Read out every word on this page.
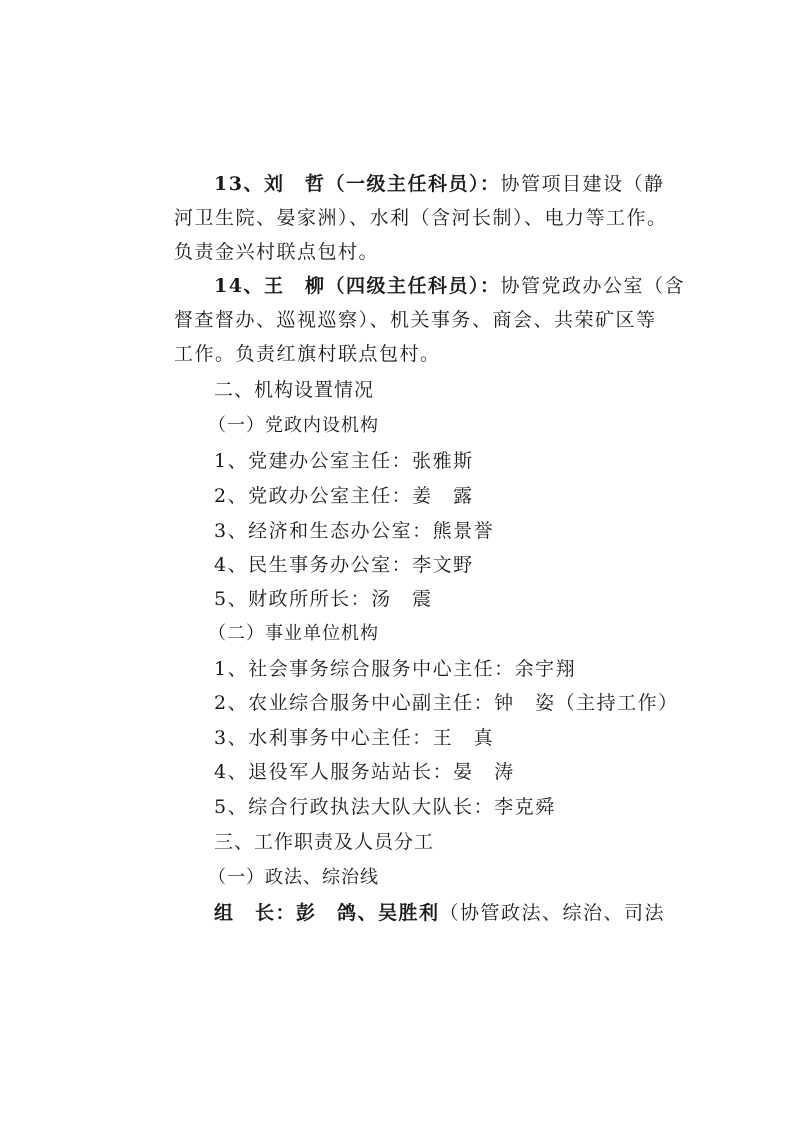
13、刘　哲（一级主任科员）：协管项目建设（静
河卫生院、晏家洲）、水利（含河长制）、电力等工作。
负责金兴村联点包村。
14、王　柳（四级主任科员）：协管党政办公室（含
督查督办、巡视巡察）、机关事务、商会、共荣矿区等
工作。负责红旗村联点包村。
二、机构设置情况
（一）党政内设机构
1、党建办公室主任：张雅斯
2、党政办公室主任：姜　露
3、经济和生态办公室：熊景誉
4、民生事务办公室：李文野
5、财政所所长：汤　震
（二）事业单位机构
1、社会事务综合服务中心主任：余宇翔
2、农业综合服务中心副主任：钟　姿（主持工作）
3、水利事务中心主任：王　真
4、退役军人服务站站长：晏　涛
5、综合行政执法大队大队长：李克舜
三、工作职责及人员分工
（一）政法、综治线
组　长：彭　鸽、吴胜利（协管政法、综治、司法
